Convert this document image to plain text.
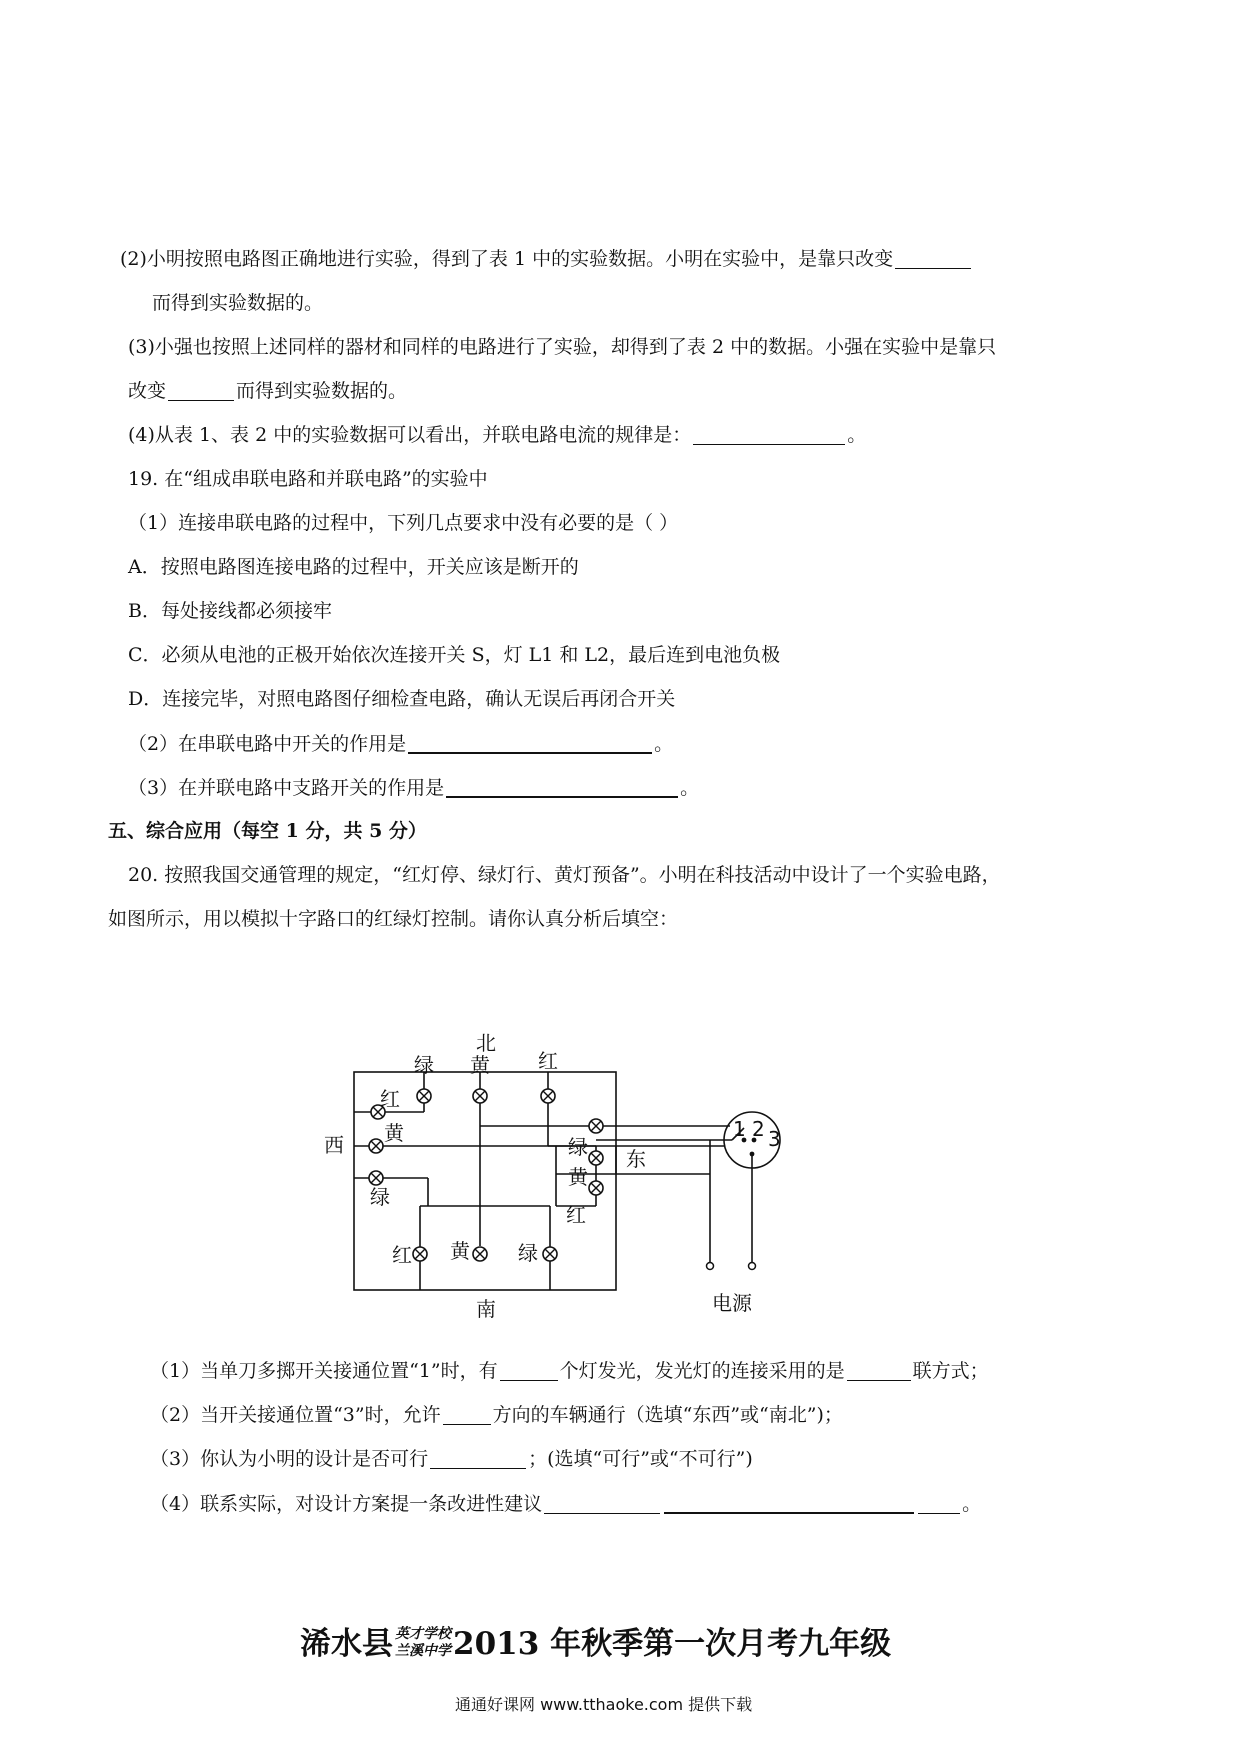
(2)小明按照电路图正确地进行实验，得到了表 1 中的实验数据。小明在实验中，是靠只改变
而得到实验数据的。
(3)小强也按照上述同样的器材和同样的电路进行了实验，却得到了表 2 中的数据。小强在实验中是靠只
改变	而得到实验数据的。
(4)从表 1、表 2 中的实验数据可以看出，并联电路电流的规律是：	。
19. 在“组成串联电路和并联电路”的实验中
（1）连接串联电路的过程中，下列几点要求中没有必要的是（ ）
A．按照电路图连接电路的过程中，开关应该是断开的
B．每处接线都必须接牢
C．必须从电池的正极开始依次连接开关 S，灯 L1 和 L2，最后连到电池负极
D．连接完毕，对照电路图仔细检查电路，确认无误后再闭合开关
（2）在串联电路中开关的作用是	。
（3）在并联电路中支路开关的作用是	。
五、综合应用（每空 1 分，共 5 分）
20. 按照我国交通管理的规定，“红灯停、绿灯行、黄灯预备”。小明在科技活动中设计了一个实验电路，
如图所示，用以模拟十字路口的红绿灯控制。请你认真分析后填空：
1 2 3
电源
绿 黄 红
北
红
黄
绿
西	绿
黄
红
东
红 黄 绿
南
（1）当单刀多掷开关接通位置“1”时，有	个灯发光，发光灯的连接采用的是	联方式；
（2）当开关接通位置“3”时，允许	方向的车辆通行（选填“东西”或“南北”)；
（3）你认为小明的设计是否可行	；(选填“可行”或“不可行”)
（4）联系实际，对设计方案提一条改进性建议	。
浠水县 英才学校
兰溪中学2013 年秋季第一次月考九年级
通通好课网 www.tthaoke.com 提供下载
